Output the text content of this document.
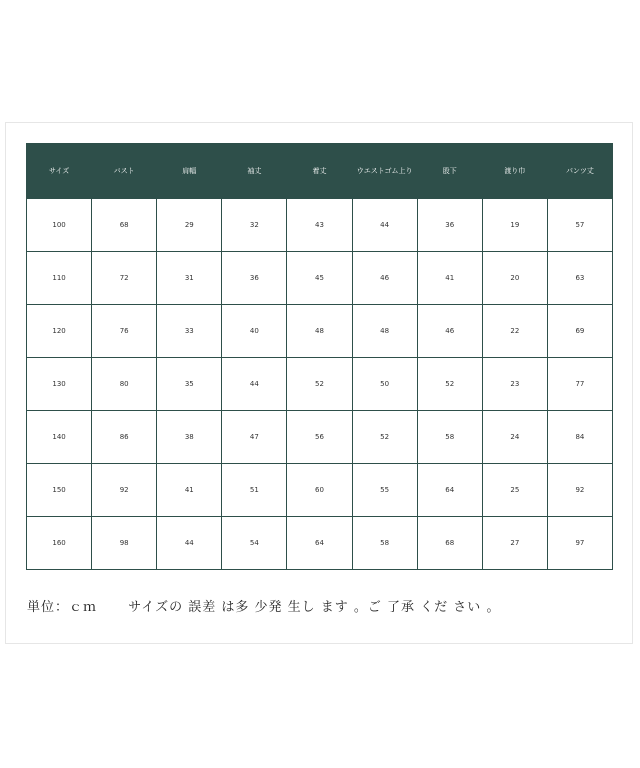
サイズ	バスト	肩幅	袖丈	着丈	ウエストゴム上り	股下	渡り巾	パンツ丈
100	68	29	32	43	44	36	19	57
110	72	31	36	45	46	41	20	63
120	76	33	40	48	48	46	22	69
130	80	35	44	52	50	52	23	77
140	86	38	47	56	52	58	24	84
150	92	41	51	60	55	64	25	92
160	98	44	54	64	58	68	27	97
単位：ｃｍ サイズの 誤差 は多 少発 生し ます 。ご 了承 くだ さい 。
